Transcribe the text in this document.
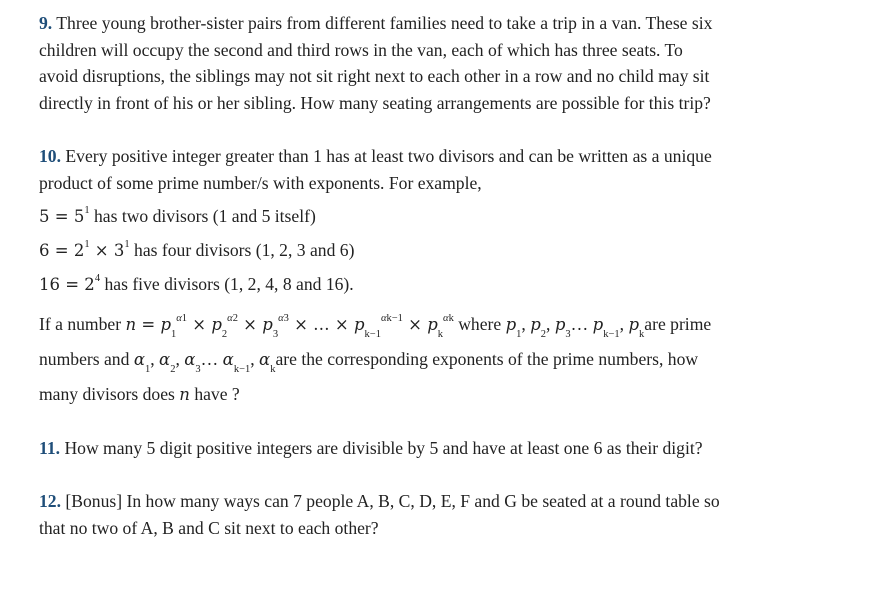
9. Three young brother-sister pairs from different families need to take a trip in a van. These six
children will occupy the second and third rows in the van, each of which has three seats. To
avoid disruptions, the siblings may not sit right next to each other in a row and no child may sit
directly in front of his or her sibling. How many seating arrangements are possible for this trip?
10. Every positive integer greater than 1 has at least two divisors and can be written as a unique
product of some prime number/s with exponents. For example,
$5 = 5^1$ has two divisors (1 and 5 itself)
$6 = 2^1 \times 3^1$ has four divisors (1, 2, 3 and 6)
$16 = 2^4$ has five divisors (1, 2, 4, 8 and 16).
If a number $n = p_1^{\alpha 1} \times p_2^{\alpha 2} \times p_3^{\alpha 3}$ × … × $p_{k-1}^{\alpha k-1} \times p_k^{\alpha k}$ where $p_1$, $p_2$, $p_3\dots$ $p_{k-1}$, $p_kare$ prime
numbers and $\alpha_1$, $\alpha_2$, $\alpha_3\dots$ $\alpha_{k-1}$, $\alpha_kare$ the corresponding exponents of the prime numbers, how
many divisors does n have ?
11. How many 5 digit positive integers are divisible by 5 and have at least one 6 as their digit?
12. [Bonus] In how many ways can 7 people A, B, C, D, E, F and G be seated at a round table so
that no two of A, B and C sit next to each other?
